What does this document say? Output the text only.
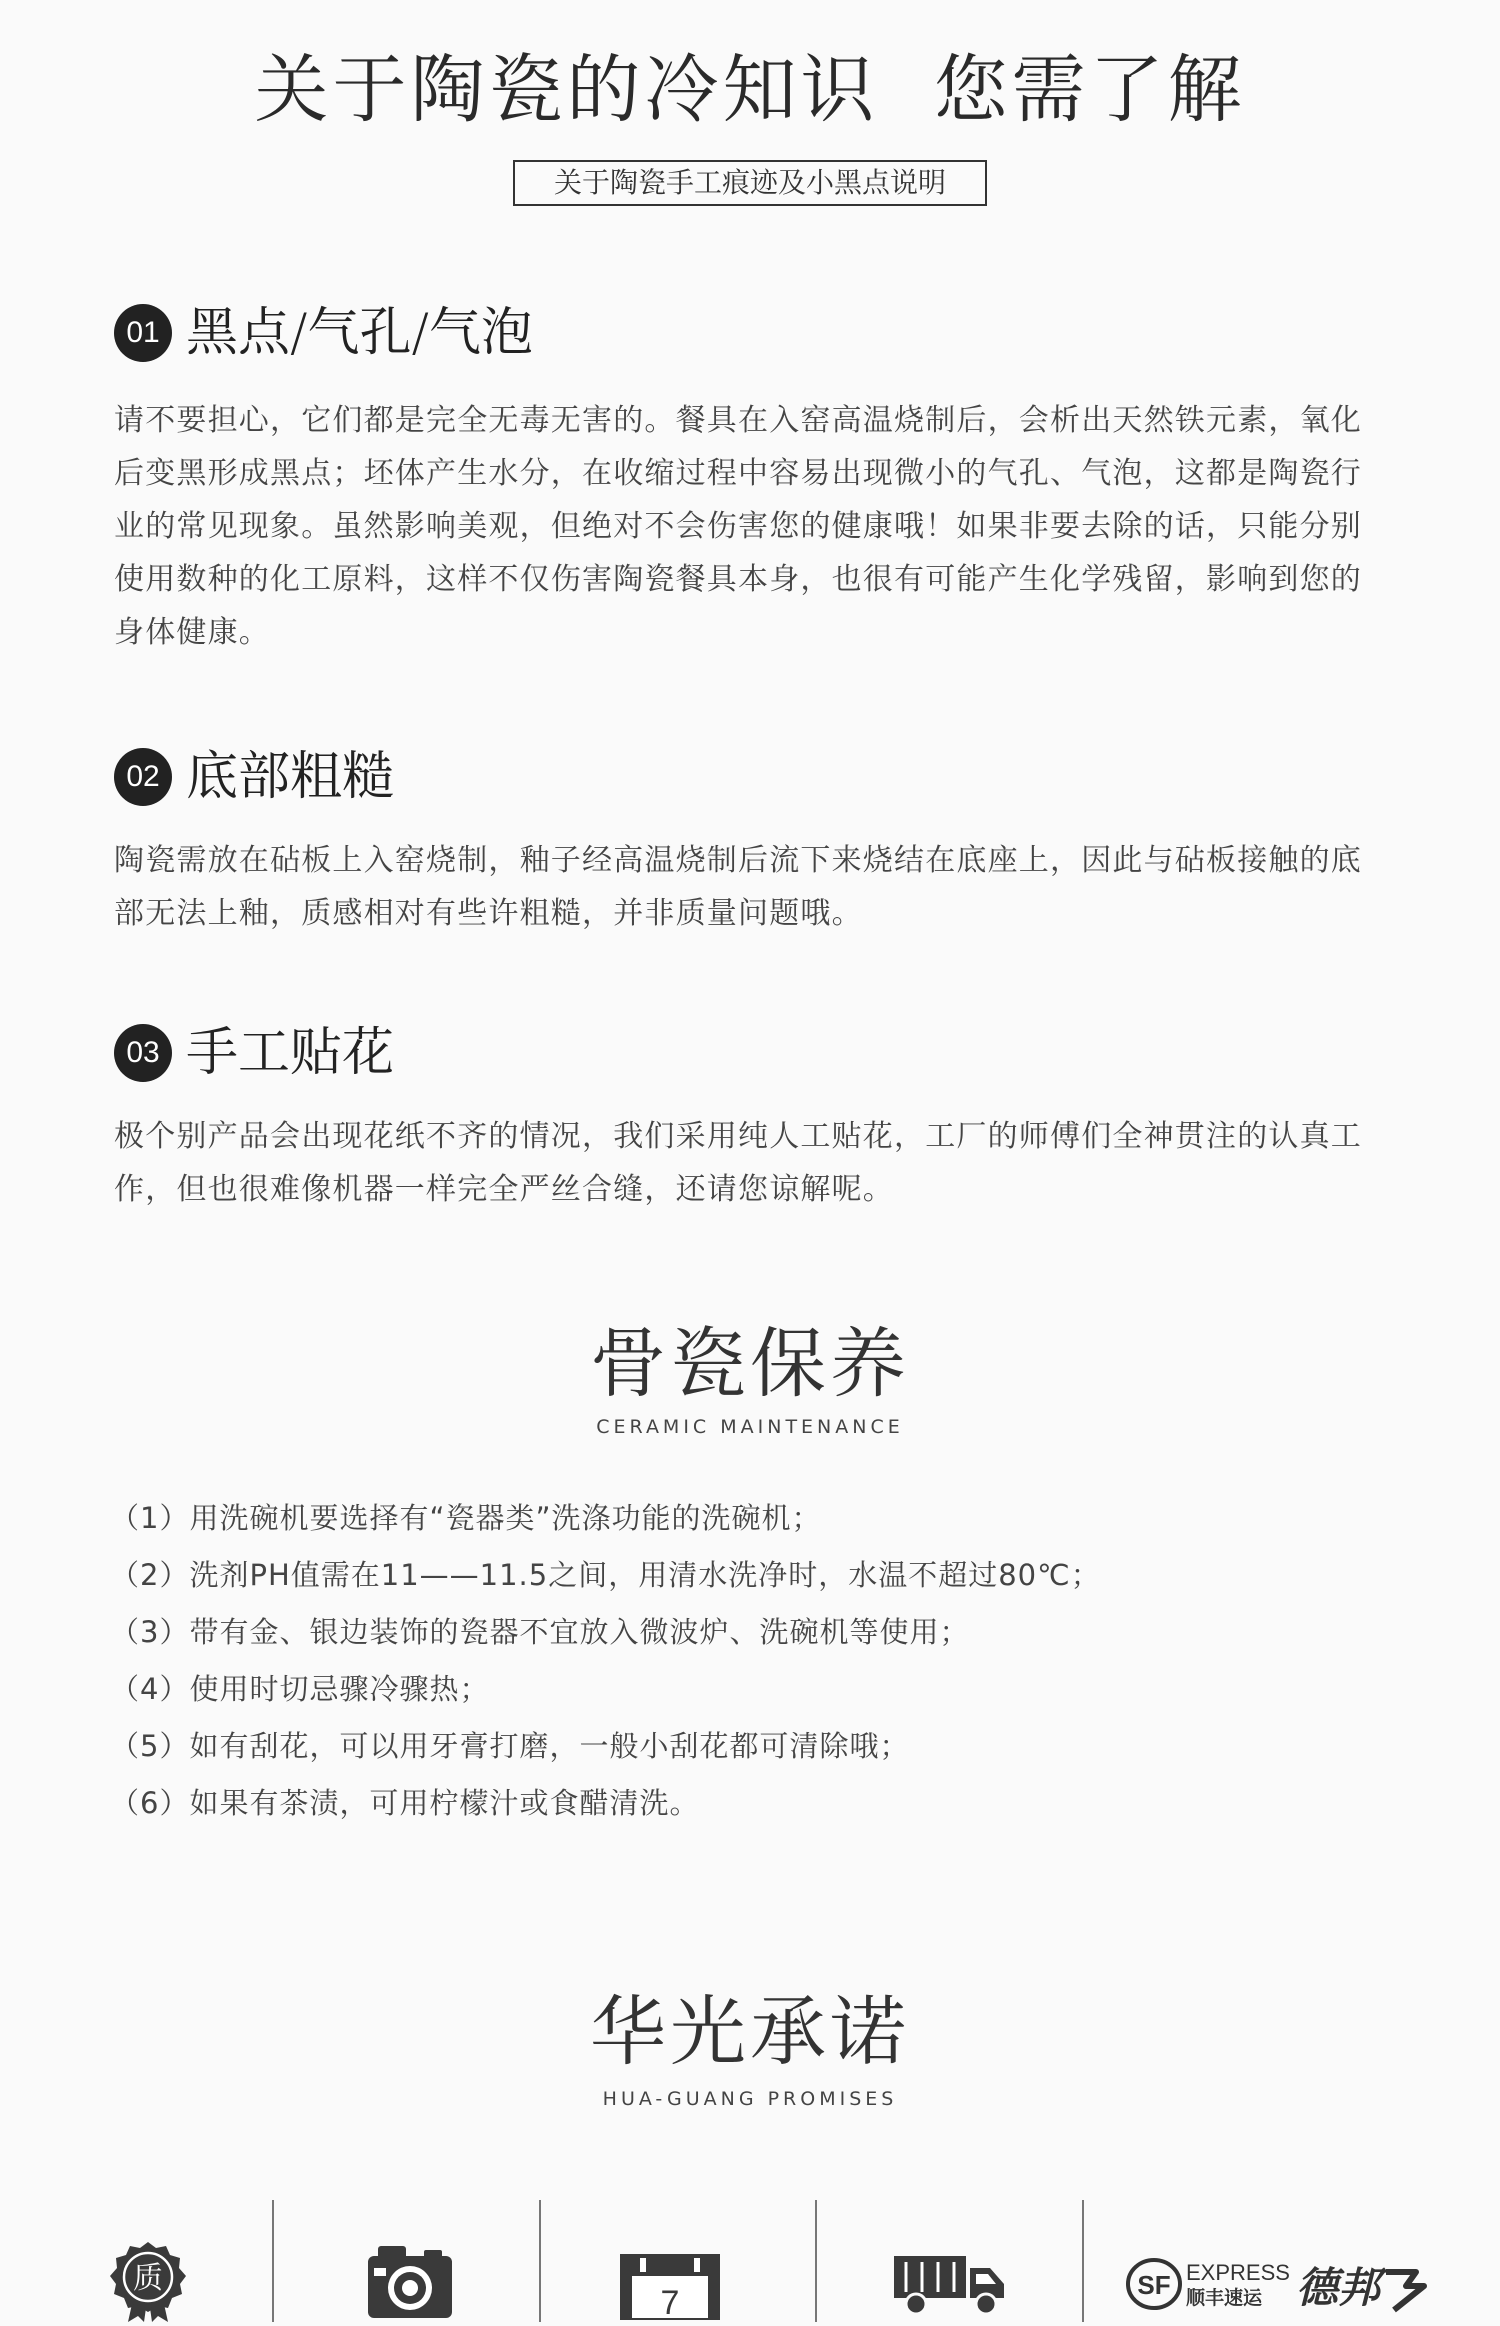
关于陶瓷的冷知识  您需了解
关于陶瓷手工痕迹及小黑点说明
01 黑点/气孔/气泡
请不要担心，它们都是完全无毒无害的。餐具在入窑高温烧制后，会析出天然铁元素，氧化后变黑形成黑点；坯体产生水分，在收缩过程中容易出现微小的气孔、气泡，这都是陶瓷行业的常见现象。虽然影响美观，但绝对不会伤害您的健康哦！如果非要去除的话，只能分别使用数种的化工原料，这样不仅伤害陶瓷餐具本身，也很有可能产生化学残留，影响到您的身体健康。
02 底部粗糙
陶瓷需放在砧板上入窑烧制，釉子经高温烧制后流下来烧结在底座上，因此与砧板接触的底部无法上釉，质感相对有些许粗糙，并非质量问题哦。
03 手工贴花
极个别产品会出现花纸不齐的情况，我们采用纯人工贴花，工厂的师傅们全神贯注的认真工作，但也很难像机器一样完全严丝合缝，还请您谅解呢。
骨瓷保养
CERAMIC MAINTENANCE
（1）用洗碗机要选择有“瓷器类”洗涤功能的洗碗机；
（2）洗剂PH值需在11——11.5之间，用清水洗净时，水温不超过80℃；
（3）带有金、银边装饰的瓷器不宜放入微波炉、洗碗机等使用；
（4）使用时切忌骤冷骤热；
（5）如有刮花，可以用牙膏打磨，一般小刮花都可清除哦；
（6）如果有茶渍，可用柠檬汁或食醋清洗。
华光承诺
HUA-GUANG PROMISES
质
7	SF EXPRESS
顺丰速运 德邦
